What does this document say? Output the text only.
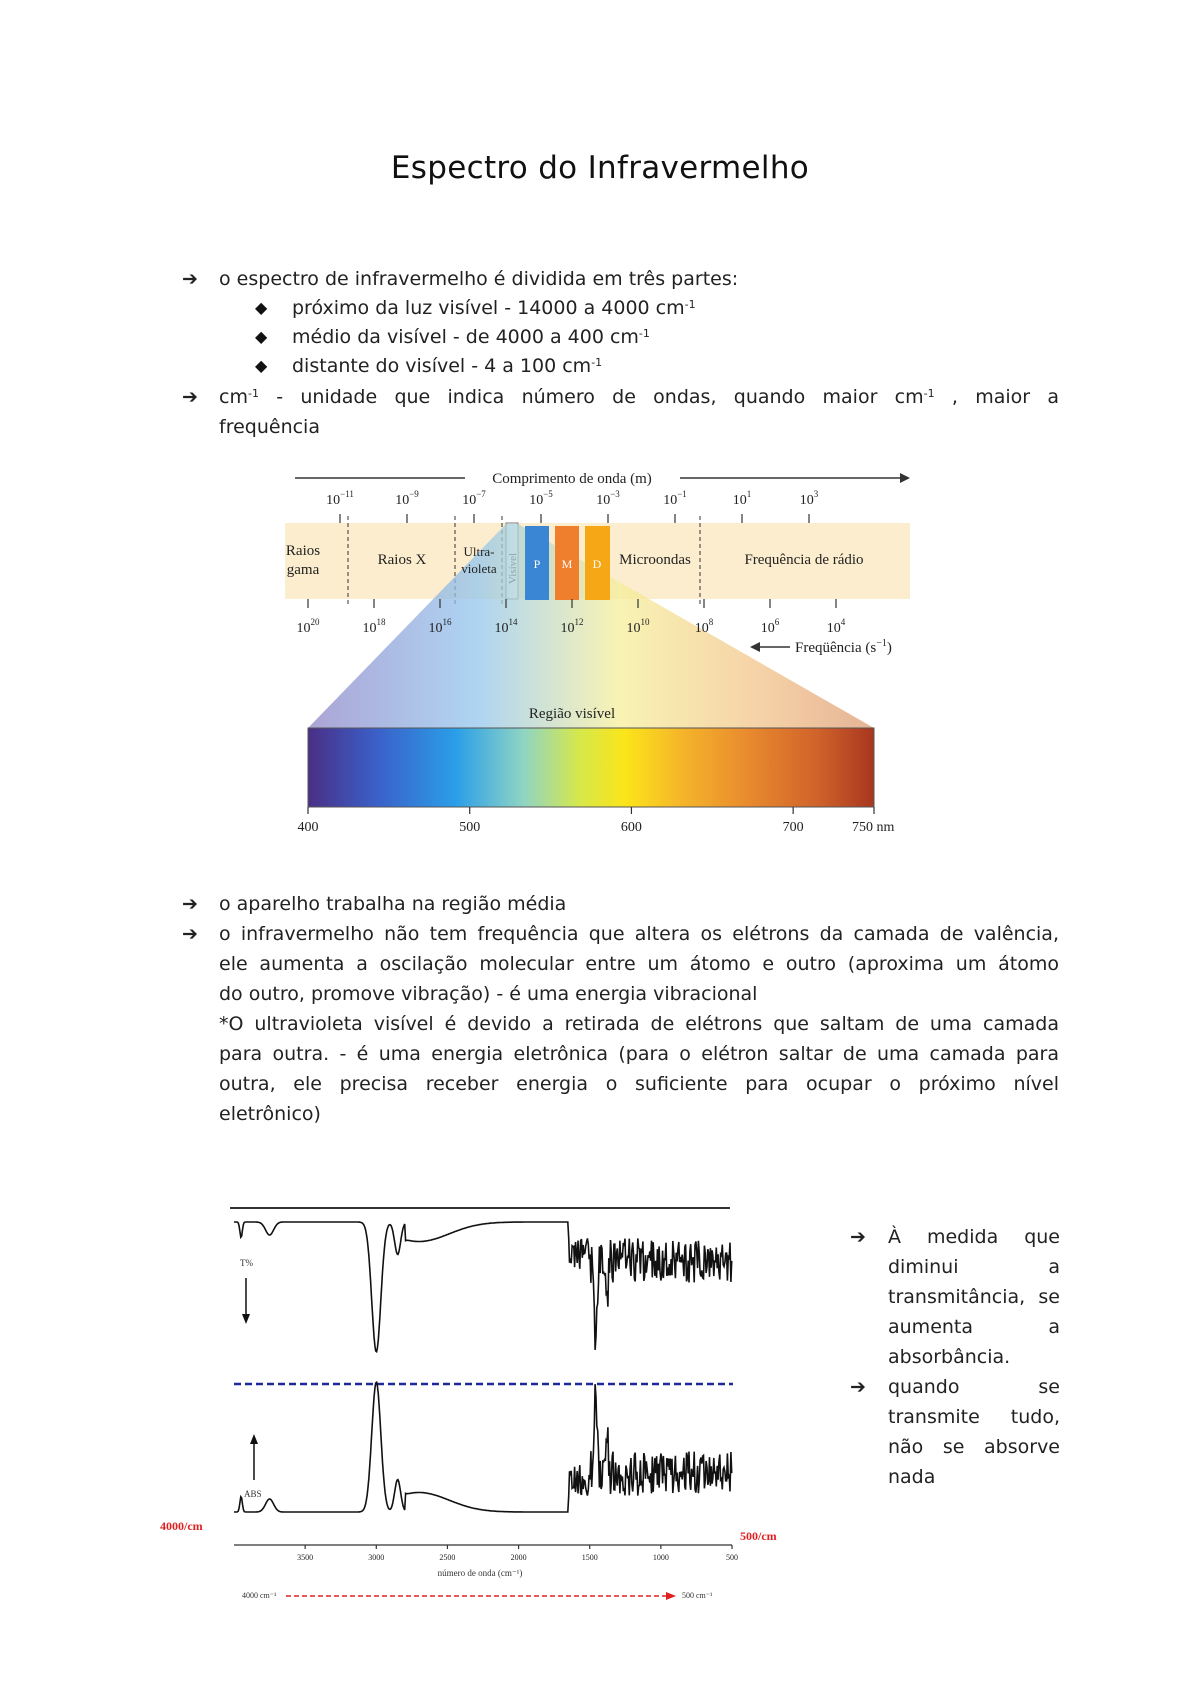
Espectro do Infravermelho
➔ o espectro de infravermelho é dividida em três partes:
◆ próximo da luz visível - 14000 a 4000 $cm^{-1}$
◆ médio da visível - de 4000 a 400 $cm^{-1}$
◆ distante do visível - 4 a 100 $cm^{-1}$
➔ $cm^{-1}$ - unidade que indica número de ondas, quando maior $cm^{-1}$ , maior a
frequência
Comprimento de onda (m)
$10^{-11}$	$10^{-9}$	$10^{-7}$	$10^{-5}$	$10^{-3}$	$10^{-1}$	$10^1$	$10^3$
P M D
Raios
gama
Raios X
Ultra-
violeta
Microondas	Frequência de rádio
$10^{20}$	$10^{18}$	$10^{16}$	$10^{14}$	$10^{12}$	$10^{10}$	$10^8$	$10^6$	$10^4$
Freqüência $(s^{-1})$
Região visível
400	500	600	700	750 nm
➔ o aparelho trabalha na região média
➔ o infravermelho não tem frequência que altera os elétrons da camada de valência,
ele aumenta a oscilação molecular entre um átomo e outro (aproxima um átomo
do outro, promove vibração) - é uma energia vibracional
*O ultravioleta visível é devido a retirada de elétrons que saltam de uma camada
para outra. - é uma energia eletrônica (para o elétron saltar de uma camada para
outra, ele precisa receber energia o suficiente para ocupar o próximo nível
eletrônico)
T%
ABS
4000/cm
500/cm
3500	3000	2500	2000	1500	1000	500
número de onda (cm⁻¹)
4000 cm⁻¹	500 cm⁻¹
➔ À medida que
diminui a
transmitância, se
aumenta a
absorbância.
➔ quando se
transmite tudo,
não se absorve
nada
